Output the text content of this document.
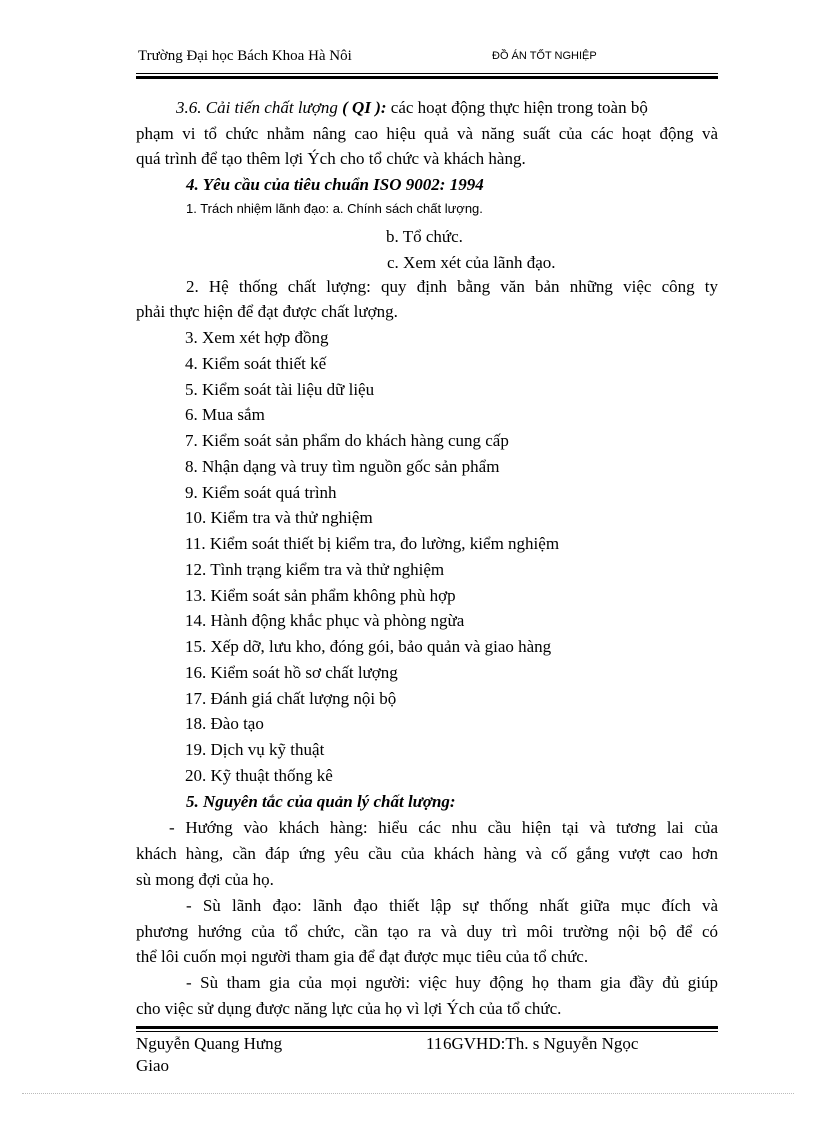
Trường Đại học Bách Khoa Hà Nôi	ĐỒ ÁN TỐT NGHIỆP
3.6. Cải tiến chất lượng ( QI ): các hoạt động thực hiện trong toàn bộ
phạm vi tổ chức nhằm nâng cao hiệu quả và năng suất của các hoạt động và
quá trình để tạo thêm lợi Ých cho tổ chức và khách hàng.
4. Yêu cầu của tiêu chuẩn ISO 9002: 1994
1. Trách nhiệm lãnh đạo: a. Chính sách chất lượng.
b. Tổ chức.
c. Xem xét của lãnh đạo.
2. Hệ thống chất lượng: quy định bằng văn bản những việc công ty
phải thực hiện để đạt được chất lượng.
3. Xem xét hợp đồng
4. Kiểm soát thiết kế
5. Kiểm soát tài liệu dữ liệu
6. Mua sắm
7. Kiểm soát sản phẩm do khách hàng cung cấp
8. Nhận dạng và truy tìm nguồn gốc sản phẩm
9. Kiểm soát quá trình
10. Kiểm tra và thử nghiệm
11. Kiểm soát thiết bị kiểm tra, đo lường, kiểm nghiệm
12. Tình trạng kiểm tra và thử nghiệm
13. Kiểm soát sản phẩm không phù hợp
14. Hành động khắc phục và phòng ngừa
15. Xếp dỡ, lưu kho, đóng gói, bảo quản và giao hàng
16. Kiểm soát hồ sơ chất lượng
17. Đánh giá chất lượng nội bộ
18. Đào tạo
19. Dịch vụ kỹ thuật
20. Kỹ thuật thống kê
5. Nguyên tắc của quản lý chất lượng:
- Hướng vào khách hàng: hiểu các nhu cầu hiện tại và tương lai của
khách hàng, cần đáp ứng yêu cầu của khách hàng và cố gắng vượt cao hơn
sù mong đợi của họ.
- Sù lãnh đạo: lãnh đạo thiết lập sự thống nhất giữa mục đích và
phương hướng của tổ chức, cần tạo ra và duy trì môi trường nội bộ để có
thể lôi cuốn mọi người tham gia để đạt được mục tiêu của tổ chức.
- Sù tham gia của mọi người: việc huy động họ tham gia đầy đủ giúp
cho việc sử dụng được năng lực của họ vì lợi Ých của tổ chức.
Nguyễn Quang Hưng	11 6GVHD:Th. s Nguyễn Ngọc
Giao
